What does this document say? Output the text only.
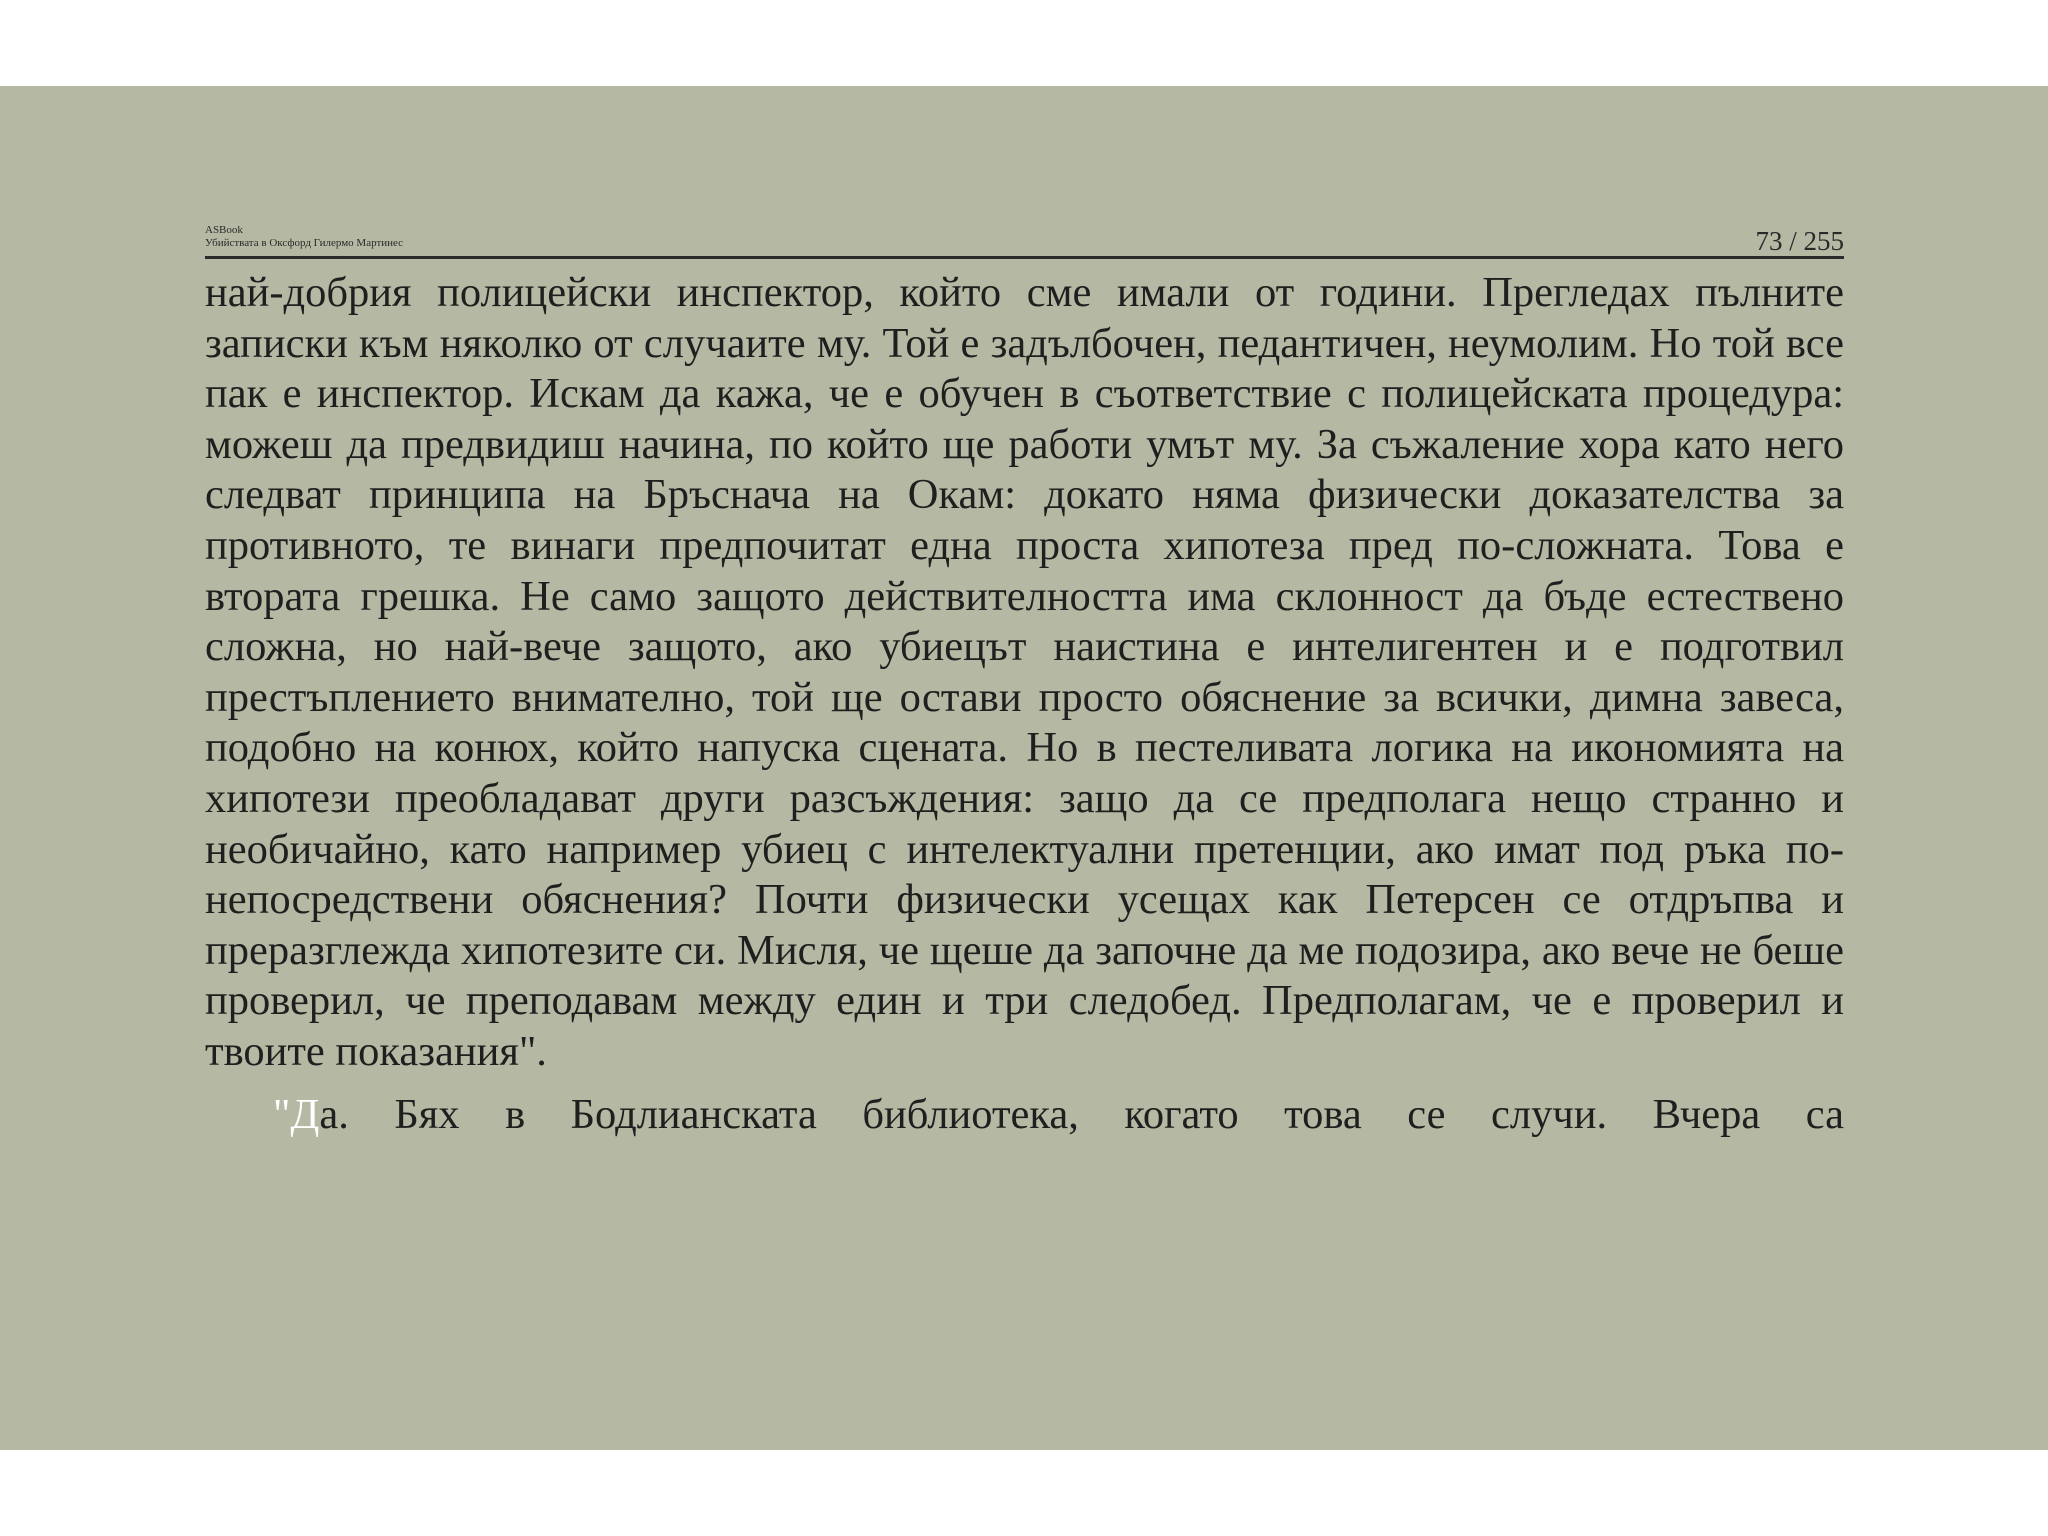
ASBook
Убийствата в Оксфорд Гилермо Мартинес	73 / 255

най-добрия полицейски инспектор, който сме имали от години. Прегледах пълните записки към няколко от случаите му. Той е задълбочен, педантичен, неумолим. Но той все пак е инспектор. Искам да кажа, че е обучен в съответствие с полицейската процедура: можеш да предвидиш начина, по който ще работи умът му. За съжаление хора като него следват принципа на Бръснача на Окам: докато няма физически доказателства за противното, те винаги предпочитат една проста хипотеза пред по-сложната. Това е втората грешка. Не само защото действителността има склонност да бъде естествено сложна, но най-вече защото, ако убиецът наистина е интелигентен и е подготвил престъплението внимателно, той ще остави просто обяснение за всички, димна завеса, подобно на конюх, който напуска сцената. Но в пестеливата логика на икономията на хипотези преобладават други разсъждения: защо да се предполага нещо странно и необичайно, като например убиец с интелектуални претенции, ако имат под ръка по-непосредствени обяснения? Почти физически усещах как Петерсен се отдръпва и преразглежда хипотезите си. Мисля, че щеше да започне да ме подозира, ако вече не беше проверил, че преподавам между един и три следобед. Предполагам, че е проверил и твоите показания".

"Да. Бях в Бодлианската библиотека, когато това се случи. Вчера са
